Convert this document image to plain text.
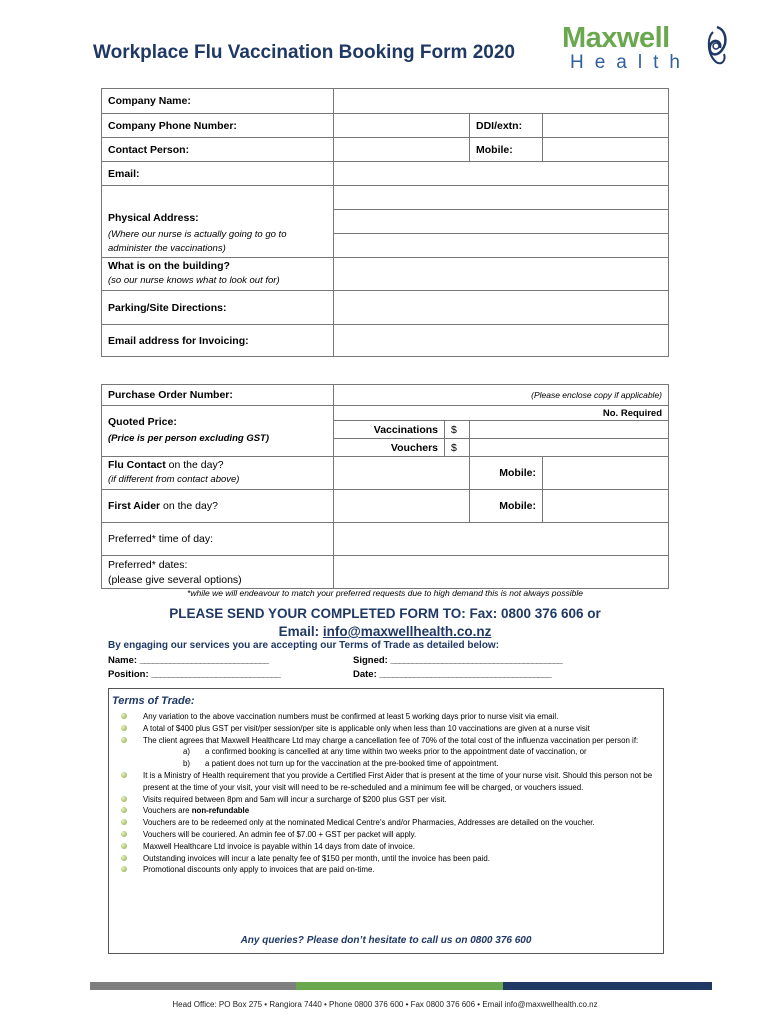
Workplace Flu Vaccination Booking Form 2020 Maxwell
Health
Company Name:			
Company Phone Number:		DDI/extn:	
Contact Person:		Mobile:	
Email:			

Physical Address:
(Where our nurse is actually going to go to administer the vaccinations)			

What is on the building?
(so our nurse knows what to look out for)			

Parking/Site Directions:			
Email address for Invoicing:			
Purchase Order Number:	(Please enclose copy if applicable)			

Quoted Price:
(Price is per person excluding GST)	No. Required			
	Vaccinations	$		
	Vouchers	$		

Flu Contact on the day?
(if different from contact above)			Mobile:	
First Aider on the day?			Mobile:	
Preferred* time of day:				

Preferred* dates:
(please give several options)				

*while we will endeavour to match your preferred requests due to high demand this is not always possible
PLEASE SEND YOUR COMPLETED FORM TO: Fax: 0800 376 606 or
Email: info@maxwellhealth.co.nz
By engaging our services you are accepting our Terms of Trade as detailed below:
Name: ______________________________
Position: ______________________________
Signed: ________________________________________
Date: ________________________________________
Terms of Trade:
Any variation to the above vaccination numbers must be confirmed at least 5 working days prior to nurse visit via email.
A total of $400 plus GST per visit/per session/per site is applicable only when less than 10 vaccinations are given at a nurse visit
The client agrees that Maxwell Healthcare Ltd may charge a cancellation fee of 70% of the total cost of the influenza vaccination per person if:
a) a confirmed booking is cancelled at any time within two weeks prior to the appointment date of vaccination, or
b) a patient does not turn up for the vaccination at the pre-booked time of appointment.
It is a Ministry of Health requirement that you provide a Certified First Aider that is present at the time of your nurse visit. Should this person not be present at the time of your visit, your visit will need to be re-scheduled and a minimum fee will be charged, or vouchers issued.
Visits required between 8pm and 5am will incur a surcharge of $200 plus GST per visit.
Vouchers are non-refundable
Vouchers are to be redeemed only at the nominated Medical Centre’s and/or Pharmacies, Addresses are detailed on the voucher.
Vouchers will be couriered. An admin fee of $7.00 + GST per packet will apply.
Maxwell Healthcare Ltd invoice is payable within 14 days from date of invoice.
Outstanding invoices will incur a late penalty fee of $150 per month, until the invoice has been paid.
Promotional discounts only apply to invoices that are paid on-time.
Any queries? Please don’t hesitate to call us on 0800 376 600
Head Office: PO Box 275 • Rangiora 7440 • Phone 0800 376 600 • Fax 0800 376 606 • Email info@maxwellhealth.co.nz
